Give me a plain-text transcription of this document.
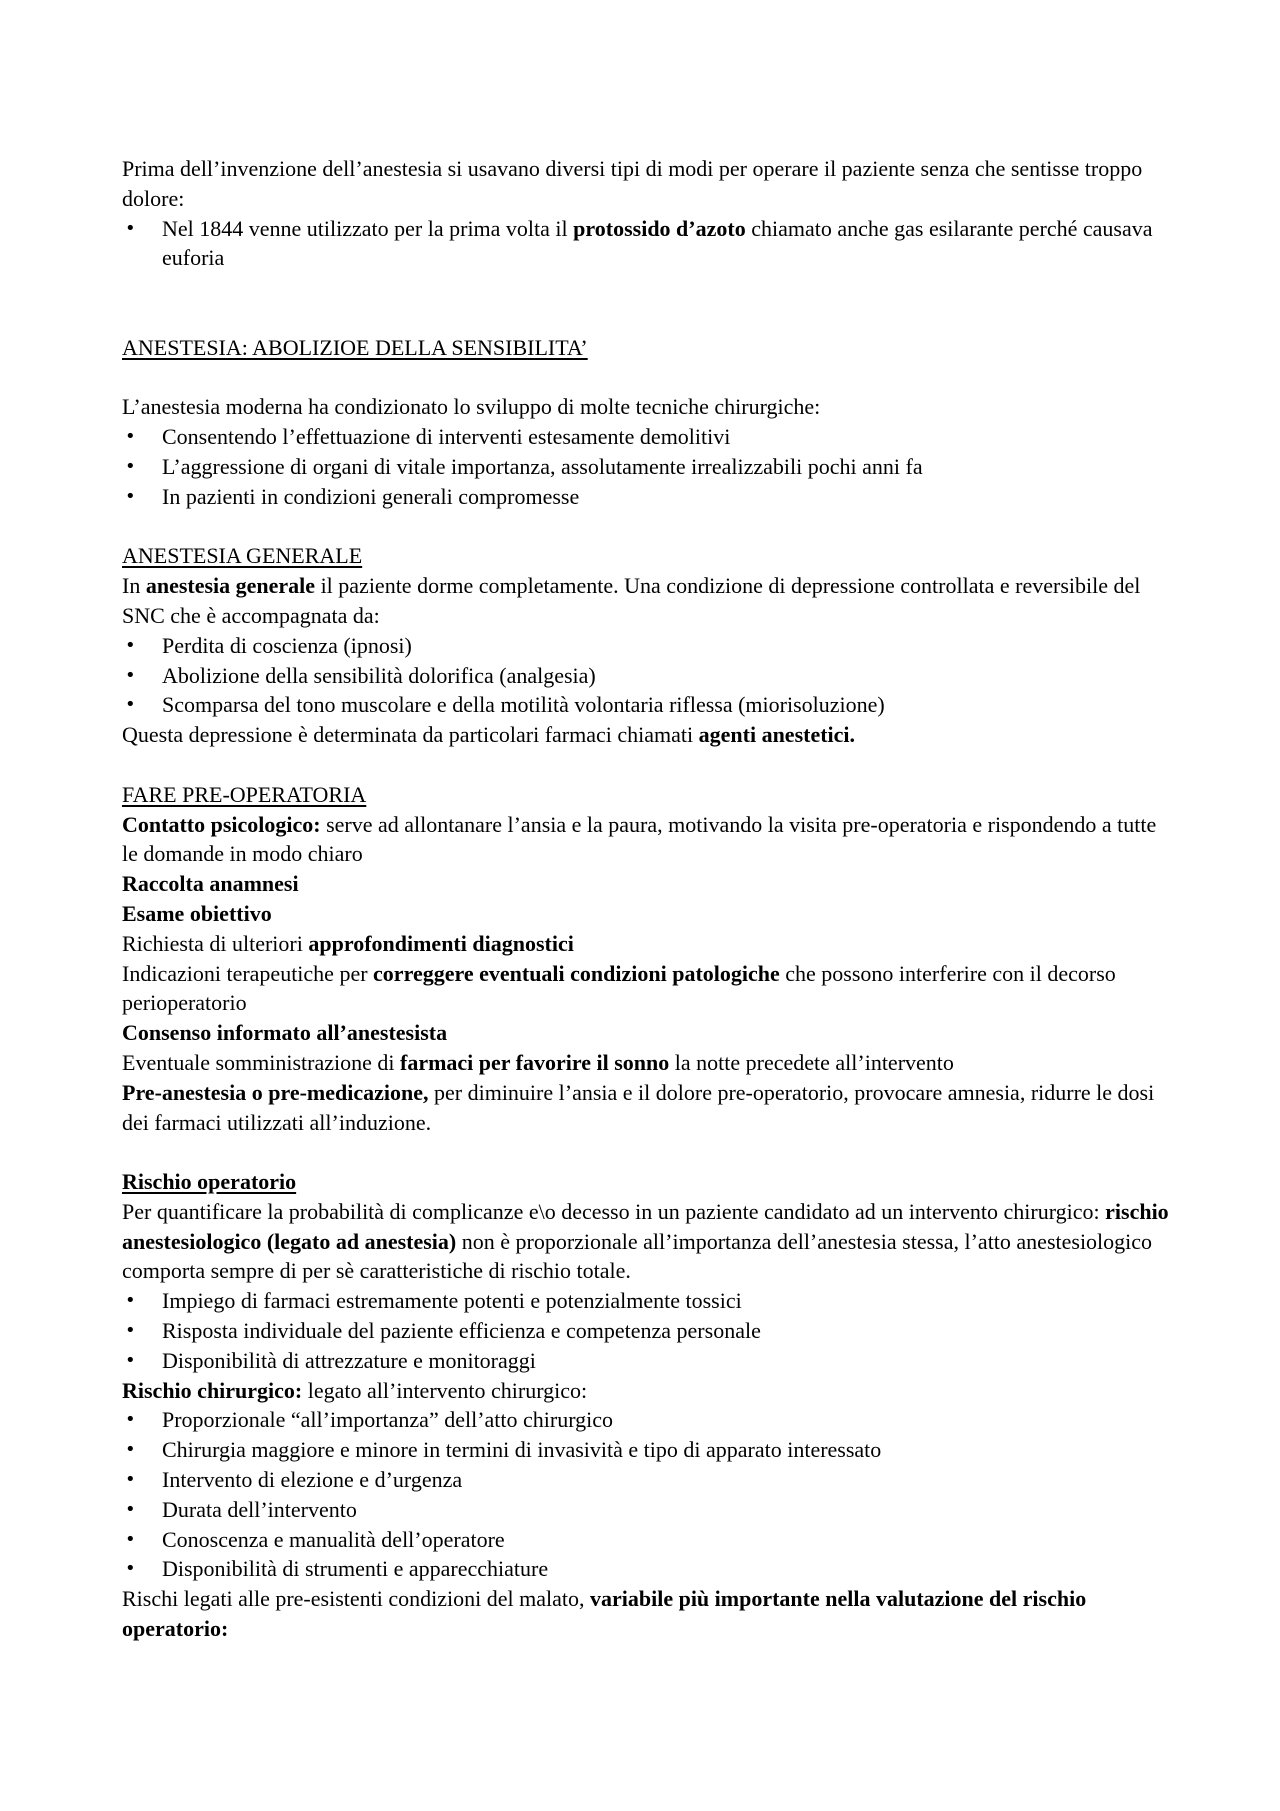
Prima dell’invenzione dell’anestesia si usavano diversi tipi di modi per operare il paziente senza che sentisse troppo dolore:

• Nel 1844 venne utilizzato per la prima volta il protossido d’azoto chiamato anche gas esilarante perché causava euforia

ANESTESIA: ABOLIZIOE DELLA SENSIBILITA’

L’anestesia moderna ha condizionato lo sviluppo di molte tecniche chirurgiche:

• Consentendo l’effettuazione di interventi estesamente demolitivi
• L’aggressione di organi di vitale importanza, assolutamente irrealizzabili pochi anni fa
• In pazienti in condizioni generali compromesse

ANESTESIA GENERALE

In anestesia generale il paziente dorme completamente. Una condizione di depressione controllata e reversibile del SNC che è accompagnata da:

• Perdita di coscienza (ipnosi)
• Abolizione della sensibilità dolorifica (analgesia)
• Scomparsa del tono muscolare e della motilità volontaria riflessa (miorisoluzione)

Questa depressione è determinata da particolari farmaci chiamati agenti anestetici.

FARE PRE-OPERATORIA

Contatto psicologico: serve ad allontanare l’ansia e la paura, motivando la visita pre-operatoria e rispondendo a tutte le domande in modo chiaro

Raccolta anamnesi

Esame obiettivo

Richiesta di ulteriori approfondimenti diagnostici

Indicazioni terapeutiche per correggere eventuali condizioni patologiche che possono interferire con il decorso perioperatorio

Consenso informato all’anestesista

Eventuale somministrazione di farmaci per favorire il sonno la notte precedete all’intervento

Pre-anestesia o pre-medicazione, per diminuire l’ansia e il dolore pre-operatorio, provocare amnesia, ridurre le dosi dei farmaci utilizzati all’induzione.

Rischio operatorio

Per quantificare la probabilità di complicanze e\o decesso in un paziente candidato ad un intervento chirurgico: rischio anestesiologico (legato ad anestesia) non è proporzionale all’importanza dell’anestesia stessa, l’atto anestesiologico comporta sempre di per sè caratteristiche di rischio totale.

• Impiego di farmaci estremamente potenti e potenzialmente tossici
• Risposta individuale del paziente efficienza e competenza personale
• Disponibilità di attrezzature e monitoraggi

Rischio chirurgico: legato all’intervento chirurgico:

• Proporzionale “all’importanza” dell’atto chirurgico
• Chirurgia maggiore e minore in termini di invasività e tipo di apparato interessato
• Intervento di elezione e d’urgenza
• Durata dell’intervento
• Conoscenza e manualità dell’operatore
• Disponibilità di strumenti e apparecchiature

Rischi legati alle pre-esistenti condizioni del malato, variabile più importante nella valutazione del rischio operatorio:
